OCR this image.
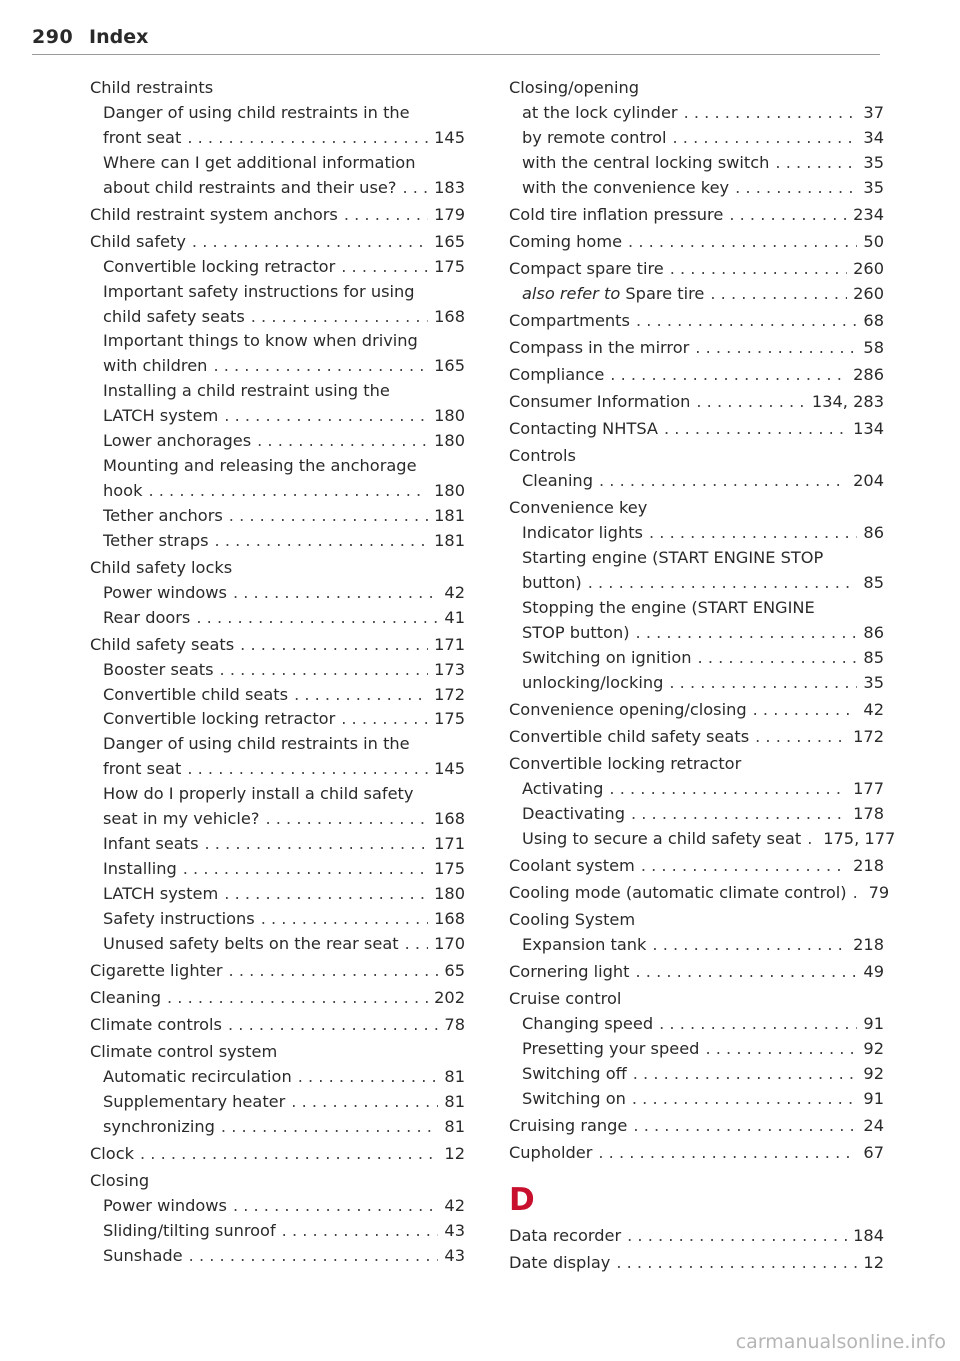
290 Index
Child restraints
Danger of using child restraints in the
front seat . . .	145
Where can I get additional information
about child restraints and their use? . . . 183
Child restraint system anchors . . .	179
Child safety . . .	165
Convertible locking retractor . . .	175
Important safety instructions for using
child safety seats . . .	168
Important things to know when driving
with children . . .	165
Installing a child restraint using the
LATCH system . . .	180
Lower anchorages . . .	180
Mounting and releasing the anchorage
hook . . .	180
Tether anchors . . .	181
Tether straps . . .	181
Child safety locks
Power windows . . .	42
Rear doors . . .	41
Child safety seats . . .	171
Booster seats . . .	173
Convertible child seats . . .	172
Convertible locking retractor . . .	175
Danger of using child restraints in the
front seat . . .	145
How do I properly install a child safety
seat in my vehicle? . . .	168
Infant seats . . .	171
Installing . . .	175
LATCH system . . .	180
Safety instructions . . .	168
Unused safety belts on the rear seat . . . 170
Cigarette lighter . . .	65
Cleaning . . .	202
Climate controls . . .	78
Climate control system
Automatic recirculation . . .	81
Supplementary heater . . .	81
synchronizing . . .	81
Clock . . .	12
Closing
Power windows . . .	42
Sliding/tilting sunroof . . .	43
Sunshade . . .	43
Closing/opening
at the lock cylinder . . .	37
by remote control . . .	34
with the central locking switch . . .	35
with the convenience key . . .	35
Cold tire inflation pressure . . .	234
Coming home . . .	50
Compact spare tire . . .	260
also refer to Spare tire . . .	260
Compartments . . .	68
Compass in the mirror . . .	58
Compliance . . .	286
Consumer Information . . .	134, 283
Contacting NHTSA . . .	134
Controls
Cleaning . . .	204
Convenience key
Indicator lights . . .	86
Starting engine (START ENGINE STOP
button) . . .	85
Stopping the engine (START ENGINE
STOP button) . . .	86
Switching on ignition . . .	85
unlocking/locking . . .	35
Convenience opening/closing . . .	42
Convertible child safety seats . . .	172
Convertible locking retractor
Activating . . .	177
Deactivating . . .	178
Using to secure a child safety seat . . . 175, 177
Coolant system . . .	218
Cooling mode (automatic climate control) . . . 79
Cooling System
Expansion tank . . .	218
Cornering light . . .	49
Cruise control
Changing speed . . .	91
Presetting your speed . . .	92
Switching off . . .	92
Switching on . . .	91
Cruising range . . .	24
Cupholder . . .	67
D
Data recorder . . .	184
Date display . . .	12
carmanualsonline.info
